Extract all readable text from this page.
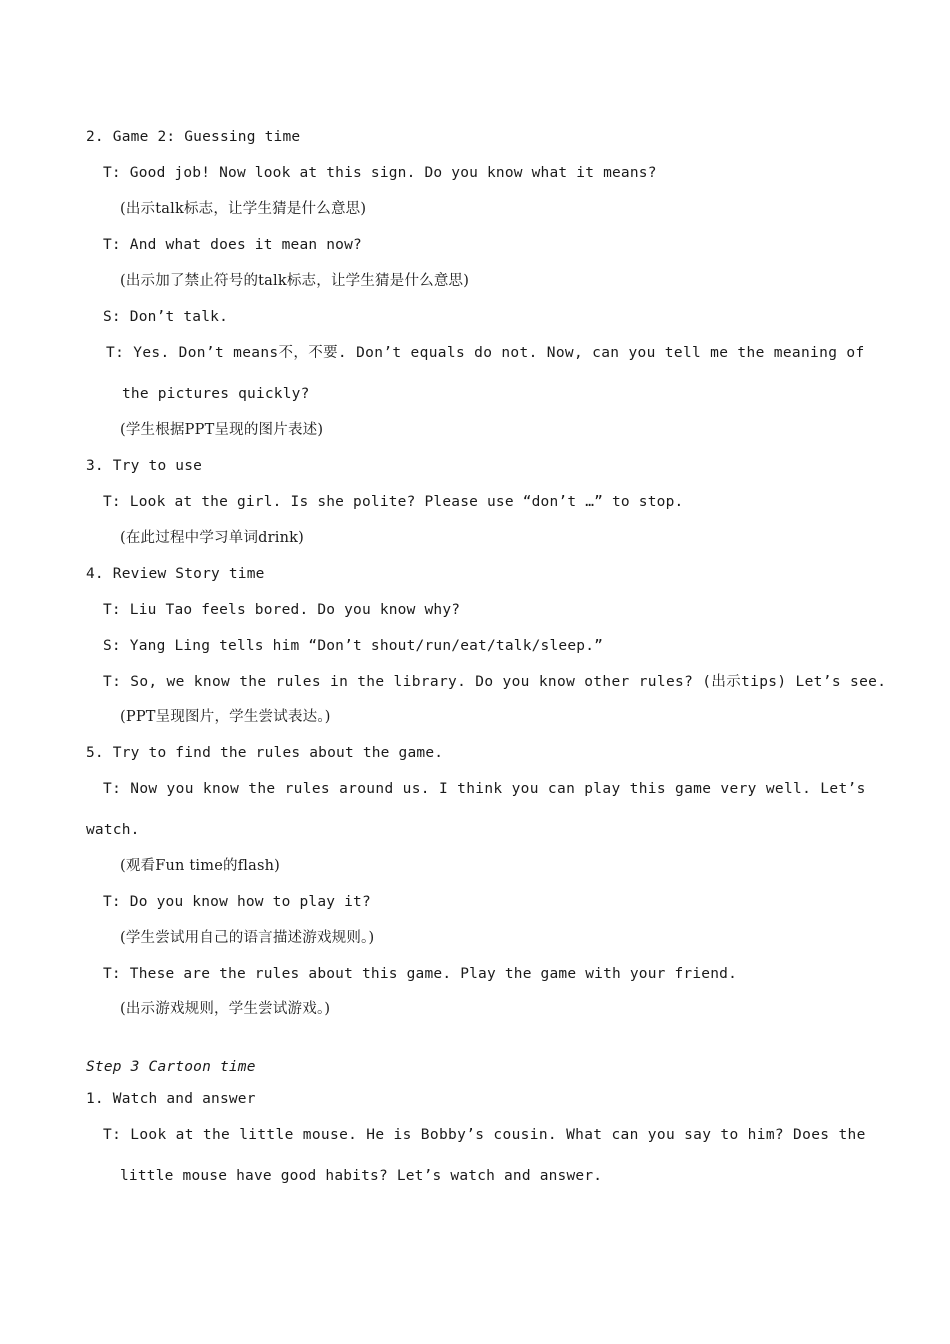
2. Game 2: Guessing time
T: Good job! Now look at this sign. Do you know what it means?
(出示talk标志，让学生猜是什么意思)
T: And what does it mean now?
(出示加了禁止符号的talk标志，让学生猜是什么意思)
S: Don’t talk.
T: Yes. Don’t means不，不要. Don’t equals do not. Now, can you tell me the meaning of
the pictures quickly?
(学生根据PPT呈现的图片表述)
3. Try to use
T: Look at the girl. Is she polite? Please use “don’t …” to stop.
(在此过程中学习单词drink)
4. Review Story time
T: Liu Tao feels bored. Do you know why?
S: Yang Ling tells him “Don’t shout/run/eat/talk/sleep.”
T: So, we know the rules in the library. Do you know other rules? (出示tips) Let’s see.
(PPT呈现图片，学生尝试表达。)
5. Try to find the rules about the game.
T: Now you know the rules around us. I think you can play this game very well. Let’s
watch.
(观看Fun time的flash)
T: Do you know how to play it?
(学生尝试用自己的语言描述游戏规则。)
T: These are the rules about this game. Play the game with your friend.
(出示游戏规则，学生尝试游戏。)
Step 3 Cartoon time
1. Watch and answer
T: Look at the little mouse. He is Bobby’s cousin. What can you say to him? Does the
little mouse have good habits? Let’s watch and answer.
